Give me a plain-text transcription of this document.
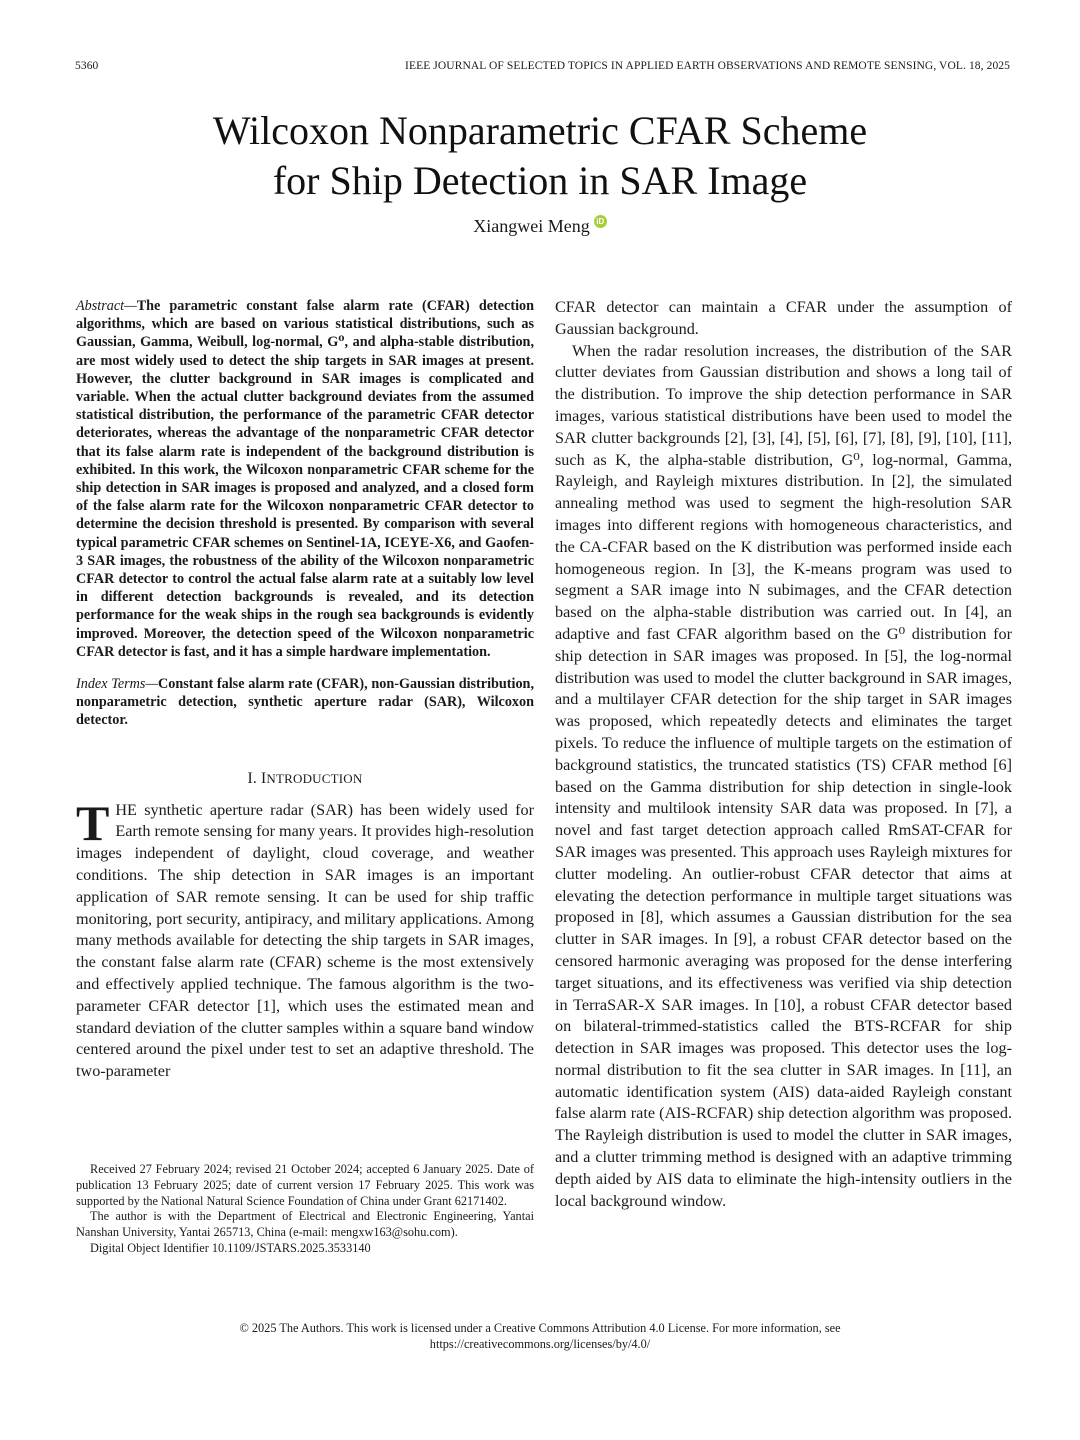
5360	IEEE JOURNAL OF SELECTED TOPICS IN APPLIED EARTH OBSERVATIONS AND REMOTE SENSING, VOL. 18, 2025
Wilcoxon Nonparametric CFAR Scheme
for Ship Detection in SAR Image
Xiangwei Meng iD

Abstract—The parametric constant false alarm rate (CFAR) detection algorithms, which are based on various statistical distributions, such as Gaussian, Gamma, Weibull, log-normal, G⁰, and alpha-stable distribution, are most widely used to detect the ship targets in SAR images at present. However, the clutter background in SAR images is complicated and variable. When the actual clutter background deviates from the assumed statistical distribution, the performance of the parametric CFAR detector deteriorates, whereas the advantage of the nonparametric CFAR detector that its false alarm rate is independent of the background distribution is exhibited. In this work, the Wilcoxon nonparametric CFAR scheme for the ship detection in SAR images is proposed and analyzed, and a closed form of the false alarm rate for the Wilcoxon nonparametric CFAR detector to determine the decision threshold is presented. By comparison with several typical parametric CFAR schemes on Sentinel-1A, ICEYE-X6, and Gaofen-3 SAR images, the robustness of the ability of the Wilcoxon nonparametric CFAR detector to control the actual false alarm rate at a suitably low level in different detection backgrounds is revealed, and its detection performance for the weak ships in the rough sea backgrounds is evidently improved. Moreover, the detection speed of the Wilcoxon nonparametric CFAR detector is fast, and it has a simple hardware implementation.

Index Terms—Constant false alarm rate (CFAR), non-Gaussian distribution, nonparametric detection, synthetic aperture radar (SAR), Wilcoxon detector.

I. INTRODUCTION

THE synthetic aperture radar (SAR) has been widely used for Earth remote sensing for many years. It provides high-resolution images independent of daylight, cloud coverage, and weather conditions. The ship detection in SAR images is an important application of SAR remote sensing. It can be used for ship traffic monitoring, port security, antipiracy, and military applications. Among many methods available for detecting the ship targets in SAR images, the constant false alarm rate (CFAR) scheme is the most extensively and effectively applied technique. The famous algorithm is the two-parameter CFAR detector [1], which uses the estimated mean and standard deviation of the clutter samples within a square band window centered around the pixel under test to set an adaptive threshold. The two-parameter

CFAR detector can maintain a CFAR under the assumption of Gaussian background.

When the radar resolution increases, the distribution of the SAR clutter deviates from Gaussian distribution and shows a long tail of the distribution. To improve the ship detection performance in SAR images, various statistical distributions have been used to model the SAR clutter backgrounds [2], [3], [4], [5], [6], [7], [8], [9], [10], [11], such as K, the alpha-stable distribution, G⁰, log-normal, Gamma, Rayleigh, and Rayleigh mixtures distribution. In [2], the simulated annealing method was used to segment the high-resolution SAR images into different regions with homogeneous characteristics, and the CA-CFAR based on the K distribution was performed inside each homogeneous region. In [3], the K-means program was used to segment a SAR image into N subimages, and the CFAR detection based on the alpha-stable distribution was carried out. In [4], an adaptive and fast CFAR algorithm based on the G⁰ distribution for ship detection in SAR images was proposed. In [5], the log-normal distribution was used to model the clutter background in SAR images, and a multilayer CFAR detection for the ship target in SAR images was proposed, which repeatedly detects and eliminates the target pixels. To reduce the influence of multiple targets on the estimation of background statistics, the truncated statistics (TS) CFAR method [6] based on the Gamma distribution for ship detection in single-look intensity and multilook intensity SAR data was proposed. In [7], a novel and fast target detection approach called RmSAT-CFAR for SAR images was presented. This approach uses Rayleigh mixtures for clutter modeling. An outlier-robust CFAR detector that aims at elevating the detection performance in multiple target situations was proposed in [8], which assumes a Gaussian distribution for the sea clutter in SAR images. In [9], a robust CFAR detector based on the censored harmonic averaging was proposed for the dense interfering target situations, and its effectiveness was verified via ship detection in TerraSAR-X SAR images. In [10], a robust CFAR detector based on bilateral-trimmed-statistics called the BTS-RCFAR for ship detection in SAR images was proposed. This detector uses the log-normal distribution to fit the sea clutter in SAR images. In [11], an automatic identification system (AIS) data-aided Rayleigh constant false alarm rate (AIS-RCFAR) ship detection algorithm was proposed. The Rayleigh distribution is used to model the clutter in SAR images, and a clutter trimming method is designed with an adaptive trimming depth aided by AIS data to eliminate the high-intensity outliers in the local background window.

Received 27 February 2024; revised 21 October 2024; accepted 6 January 2025. Date of publication 13 February 2025; date of current version 17 February 2025. This work was supported by the National Natural Science Foundation of China under Grant 62171402.

The author is with the Department of Electrical and Electronic Engineering, Yantai Nanshan University, Yantai 265713, China (e-mail: mengxw163@sohu.com).

Digital Object Identifier 10.1109/JSTARS.2025.3533140

© 2025 The Authors. This work is licensed under a Creative Commons Attribution 4.0 License. For more information, see
https://creativecommons.org/licenses/by/4.0/
